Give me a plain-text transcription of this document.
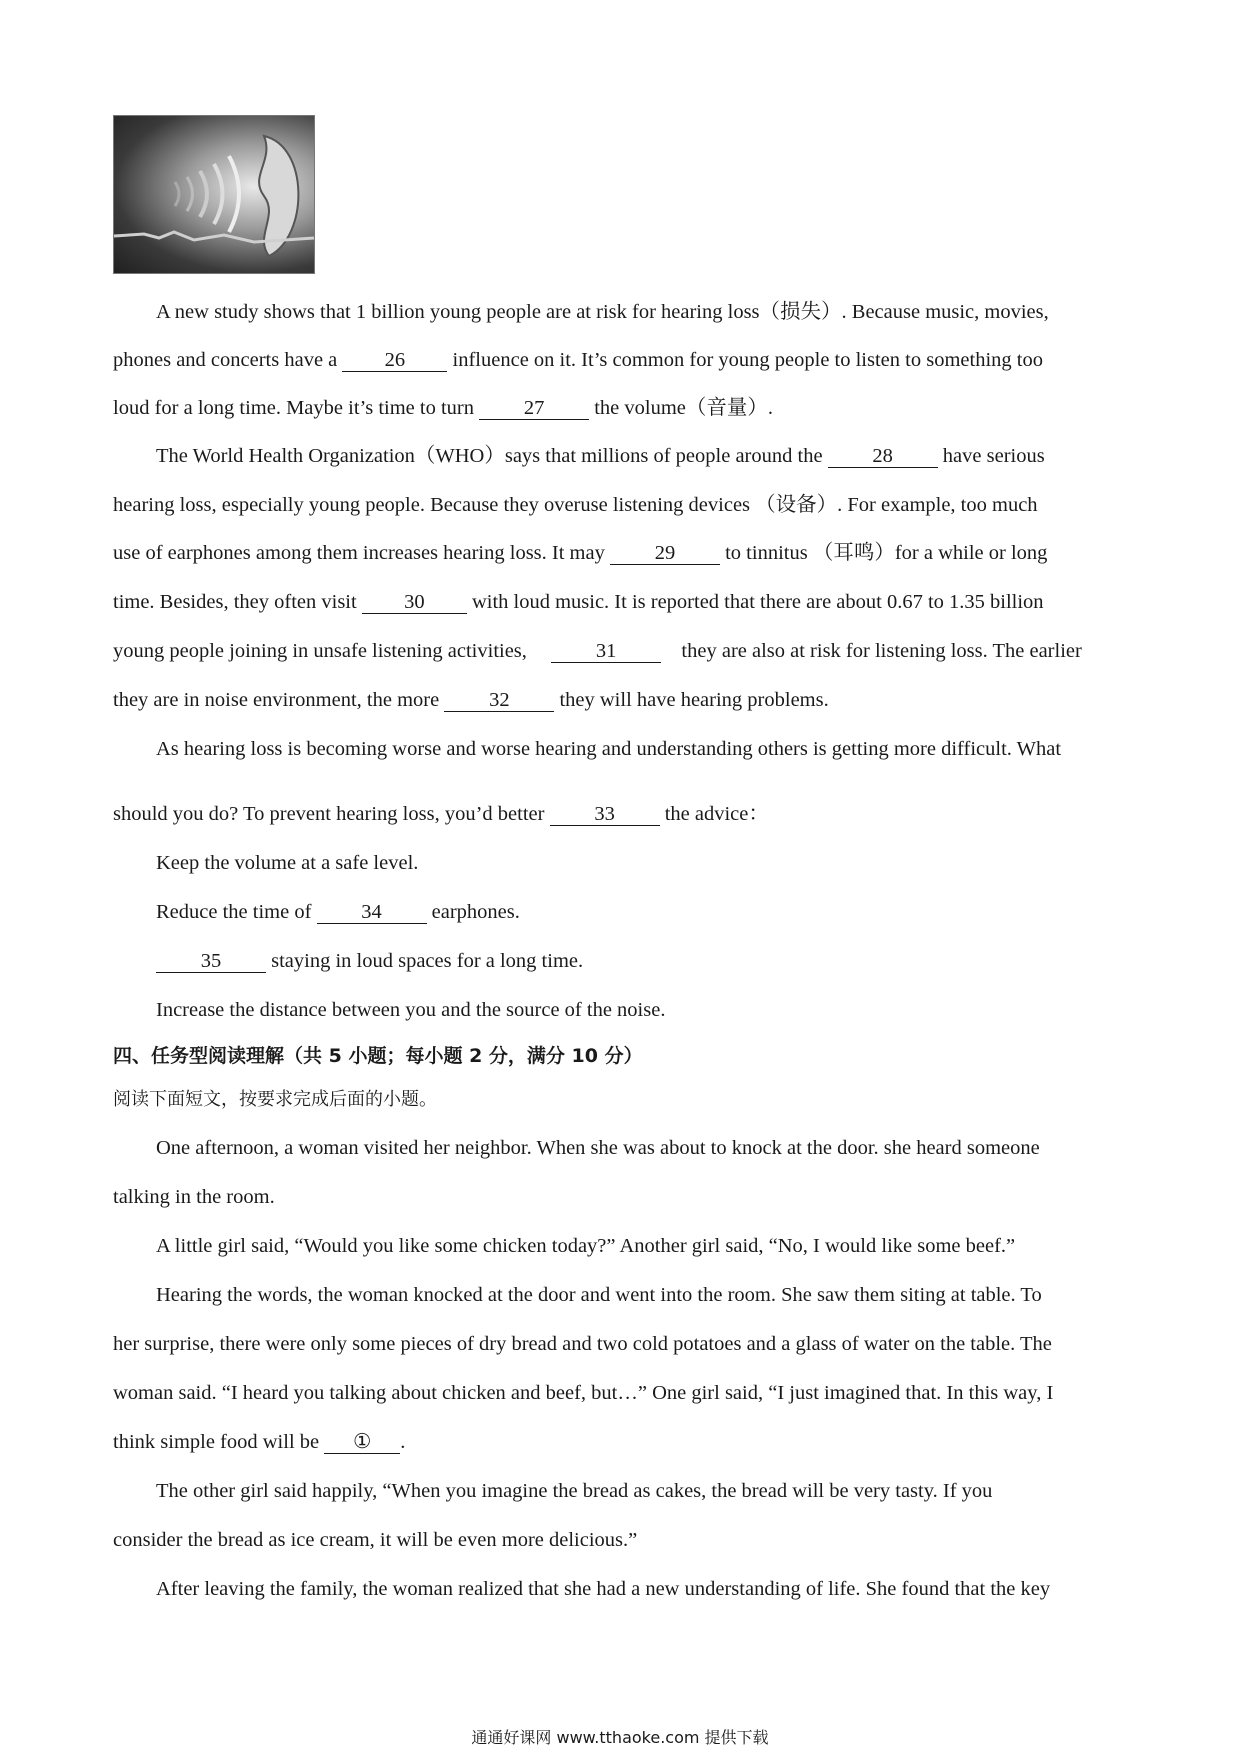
A new study shows that 1 billion young people are at risk for hearing loss（损失）. Because music, movies,
phones and concerts have a 26 influence on it. It’s common for young people to listen to something too
loud for a long time. Maybe it’s time to turn 27 the volume（音量）.
The World Health Organization（WHO）says that millions of people around the 28 have serious
hearing loss, especially young people. Because they overuse listening devices （设备）. For example, too much
use of earphones among them increases hearing loss. It may 29 to tinnitus （耳鸣）for a while or long
time. Besides, they often visit 30 with loud music. It is reported that there are about 0.67 to 1.35 billion
young people joining in unsafe listening activities,	31	they are also at risk for listening loss. The earlier
they are in noise environment, the more 32 they will have hearing problems.
As hearing loss is becoming worse and worse hearing and understanding others is getting more difficult. What
should you do? To prevent hearing loss, you’d better 33 the advice：
Keep the volume at a safe level.
Reduce the time of 34 earphones.
35 staying in loud spaces for a long time.
Increase the distance between you and the source of the noise.
四、任务型阅读理解（共 5 小题；每小题 2 分，满分 10 分）
阅读下面短文，按要求完成后面的小题。
One afternoon, a woman visited her neighbor. When she was about to knock at the door. she heard someone
talking in the room.
A little girl said, “Would you like some chicken today?” Another girl said, “No, I would like some beef.”
Hearing the words, the woman knocked at the door and went into the room. She saw them siting at table. To
her surprise, there were only some pieces of dry bread and two cold potatoes and a glass of water on the table. The
woman said. “I heard you talking about chicken and beef, but…” One girl said, “I just imagined that. In this way, I
think simple food will be ① .
The other girl said happily, “When you imagine the bread as cakes, the bread will be very tasty. If you
consider the bread as ice cream, it will be even more delicious.”
After leaving the family, the woman realized that she had a new understanding of life. She found that the key
通通好课网 www.tthaoke.com 提供下载
